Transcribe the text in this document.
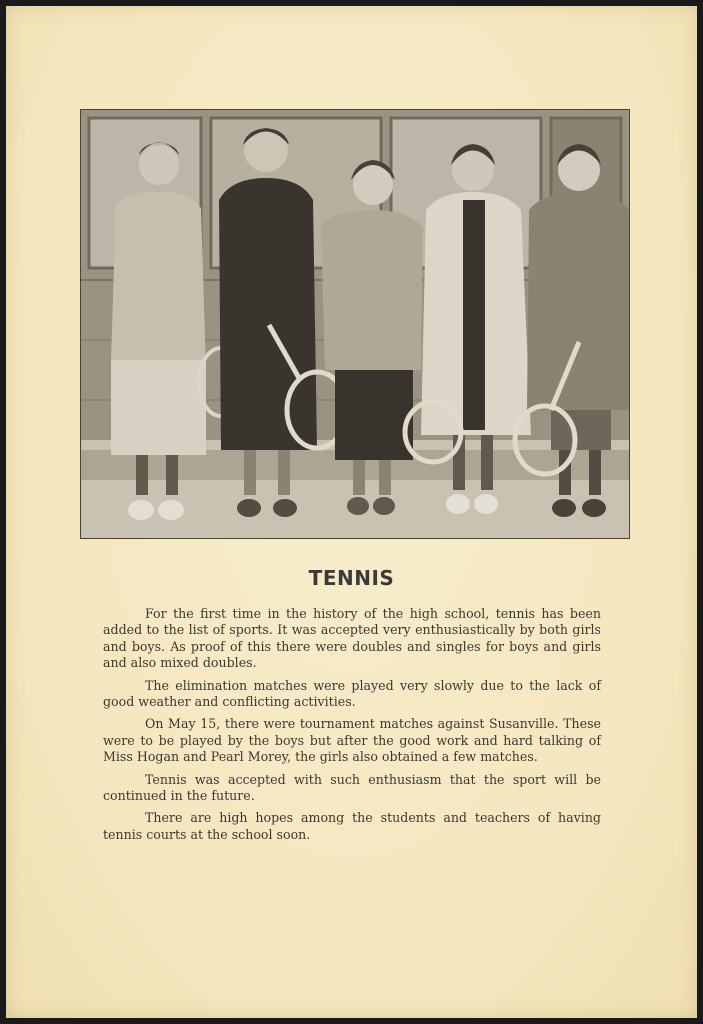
TENNIS

For the first time in the history of the high school, tennis has been added to the list of sports. It was accepted very enthusiastically by both girls and boys. As proof of this there were doubles and singles for boys and girls and also mixed doubles.

The elimination matches were played very slowly due to the lack of good weather and conflicting activities.

On May 15, there were tournament matches against Susanville. These were to be played by the boys but after the good work and hard talking of Miss Hogan and Pearl Morey, the girls also obtained a few matches.

Tennis was accepted with such enthusiasm that the sport will be continued in the future.

There are high hopes among the students and teachers of having tennis courts at the school soon.
